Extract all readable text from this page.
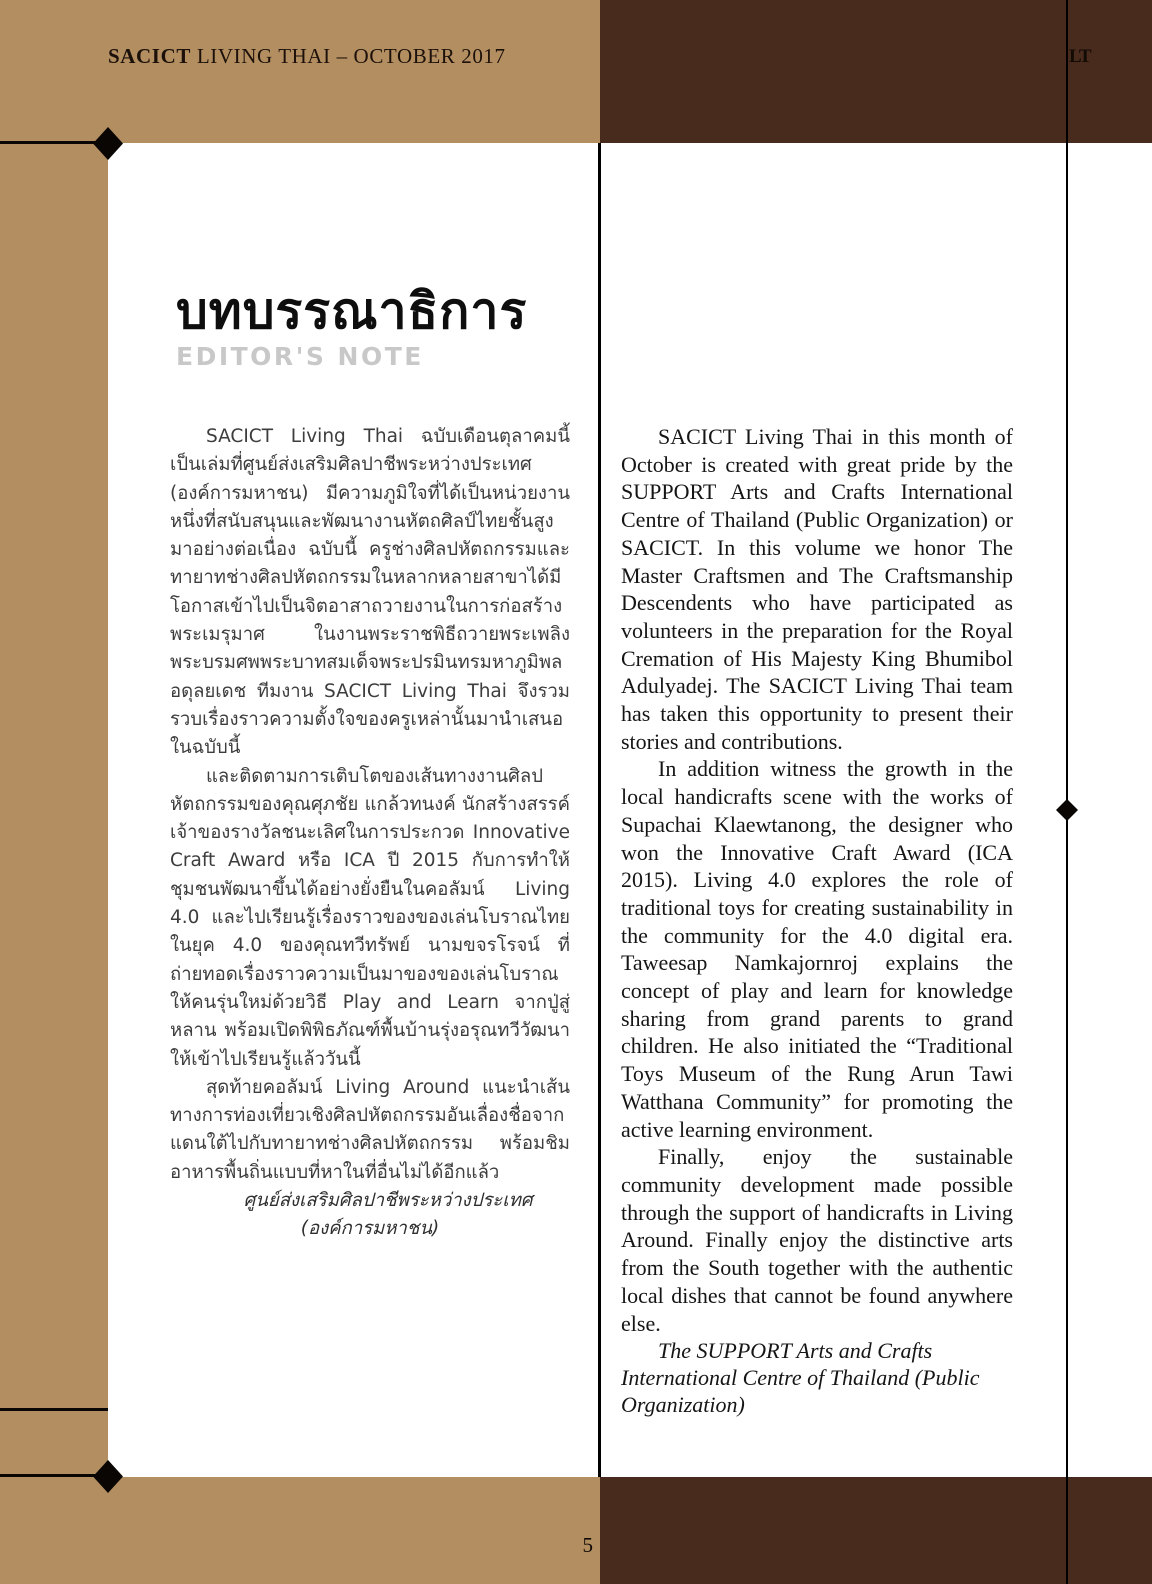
SACICT LIVING THAI – OCTOBER 2017	LT
บทบรรณาธิการ
EDITOR'S NOTE

SACICT Living Thai ฉบับเดือนตุลาคมนี้ เป็นเล่มที่ศูนย์ส่งเสริมศิลปาชีพระหว่างประเทศ (องค์การมหาชน) มีความภูมิใจที่ได้เป็นหน่วยงานหนึ่งที่สนับสนุนและพัฒนางานหัตถศิลป์ไทยชั้นสูงมาอย่างต่อเนื่อง ฉบับนี้ ครูช่างศิลปหัตถกรรมและทายาทช่างศิลปหัตถกรรมในหลากหลายสาขาได้มีโอกาสเข้าไปเป็นจิตอาสาถวายงานในการก่อสร้างพระเมรุมาศ ในงานพระราชพิธีถวายพระเพลิงพระบรมศพพระบาทสมเด็จพระปรมินทรมหาภูมิพลอดุลยเดช ทีมงาน SACICT Living Thai จึงรวมรวบเรื่องราวความตั้งใจของครูเหล่านั้นมานำเสนอในฉบับนี้

และติดตามการเติบโตของเส้นทางงานศิลปหัตถกรรมของคุณศุภชัย แกล้วทนงค์ นักสร้างสรรค์เจ้าของรางวัลชนะเลิศในการประกวด Innovative Craft Award หรือ ICA ปี 2015 กับการทำให้ชุมชนพัฒนาขึ้นได้อย่างยั่งยืนในคอลัมน์ Living 4.0 และไปเรียนรู้เรื่องราวของของเล่นโบราณไทยในยุค 4.0 ของคุณทวีทรัพย์ นามขจรโรจน์ ที่ถ่ายทอดเรื่องราวความเป็นมาของของเล่นโบราณให้คนรุ่นใหม่ด้วยวิธี Play and Learn จากปู่สู่หลาน พร้อมเปิดพิพิธภัณฑ์พื้นบ้านรุ่งอรุณทวีวัฒนาให้เข้าไปเรียนรู้แล้ววันนี้

สุดท้ายคอลัมน์ Living Around แนะนำเส้นทางการท่องเที่ยวเชิงศิลปหัตถกรรมอันเลื่องชื่อจากแดนใต้ไปกับทายาทช่างศิลปหัตถกรรม พร้อมชิมอาหารพื้นถิ่นแบบที่หาในที่อื่นไม่ได้อีกแล้ว

ศูนย์ส่งเสริมศิลปาชีพระหว่างประเทศ (องค์การมหาชน)

SACICT Living Thai in this month of October is created with great pride by the SUPPORT Arts and Crafts International Centre of Thailand (Public Organization) or SACICT. In this volume we honor The Master Craftsmen and The Craftsmanship Descendents who have participated as volunteers in the preparation for the Royal Cremation of His Majesty King Bhumibol Adulyadej. The SACICT Living Thai team has taken this opportunity to present their stories and contributions.

In addition witness the growth in the local handicrafts scene with the works of Supachai Klaewtanong, the designer who won the Innovative Craft Award (ICA 2015). Living 4.0 explores the role of traditional toys for creating sustainability in the community for the 4.0 digital era. Taweesap Namkajornroj explains the concept of play and learn for knowledge sharing from grand parents to grand children. He also initiated the “Traditional Toys Museum of the Rung Arun Tawi Watthana Community” for promoting the active learning environment.

Finally, enjoy the sustainable community development made possible through the support of handicrafts in Living Around. Finally enjoy the distinctive arts from the South together with the authentic local dishes that cannot be found anywhere else.

The SUPPORT Arts and Crafts International Centre of Thailand (Public Organization)

5
